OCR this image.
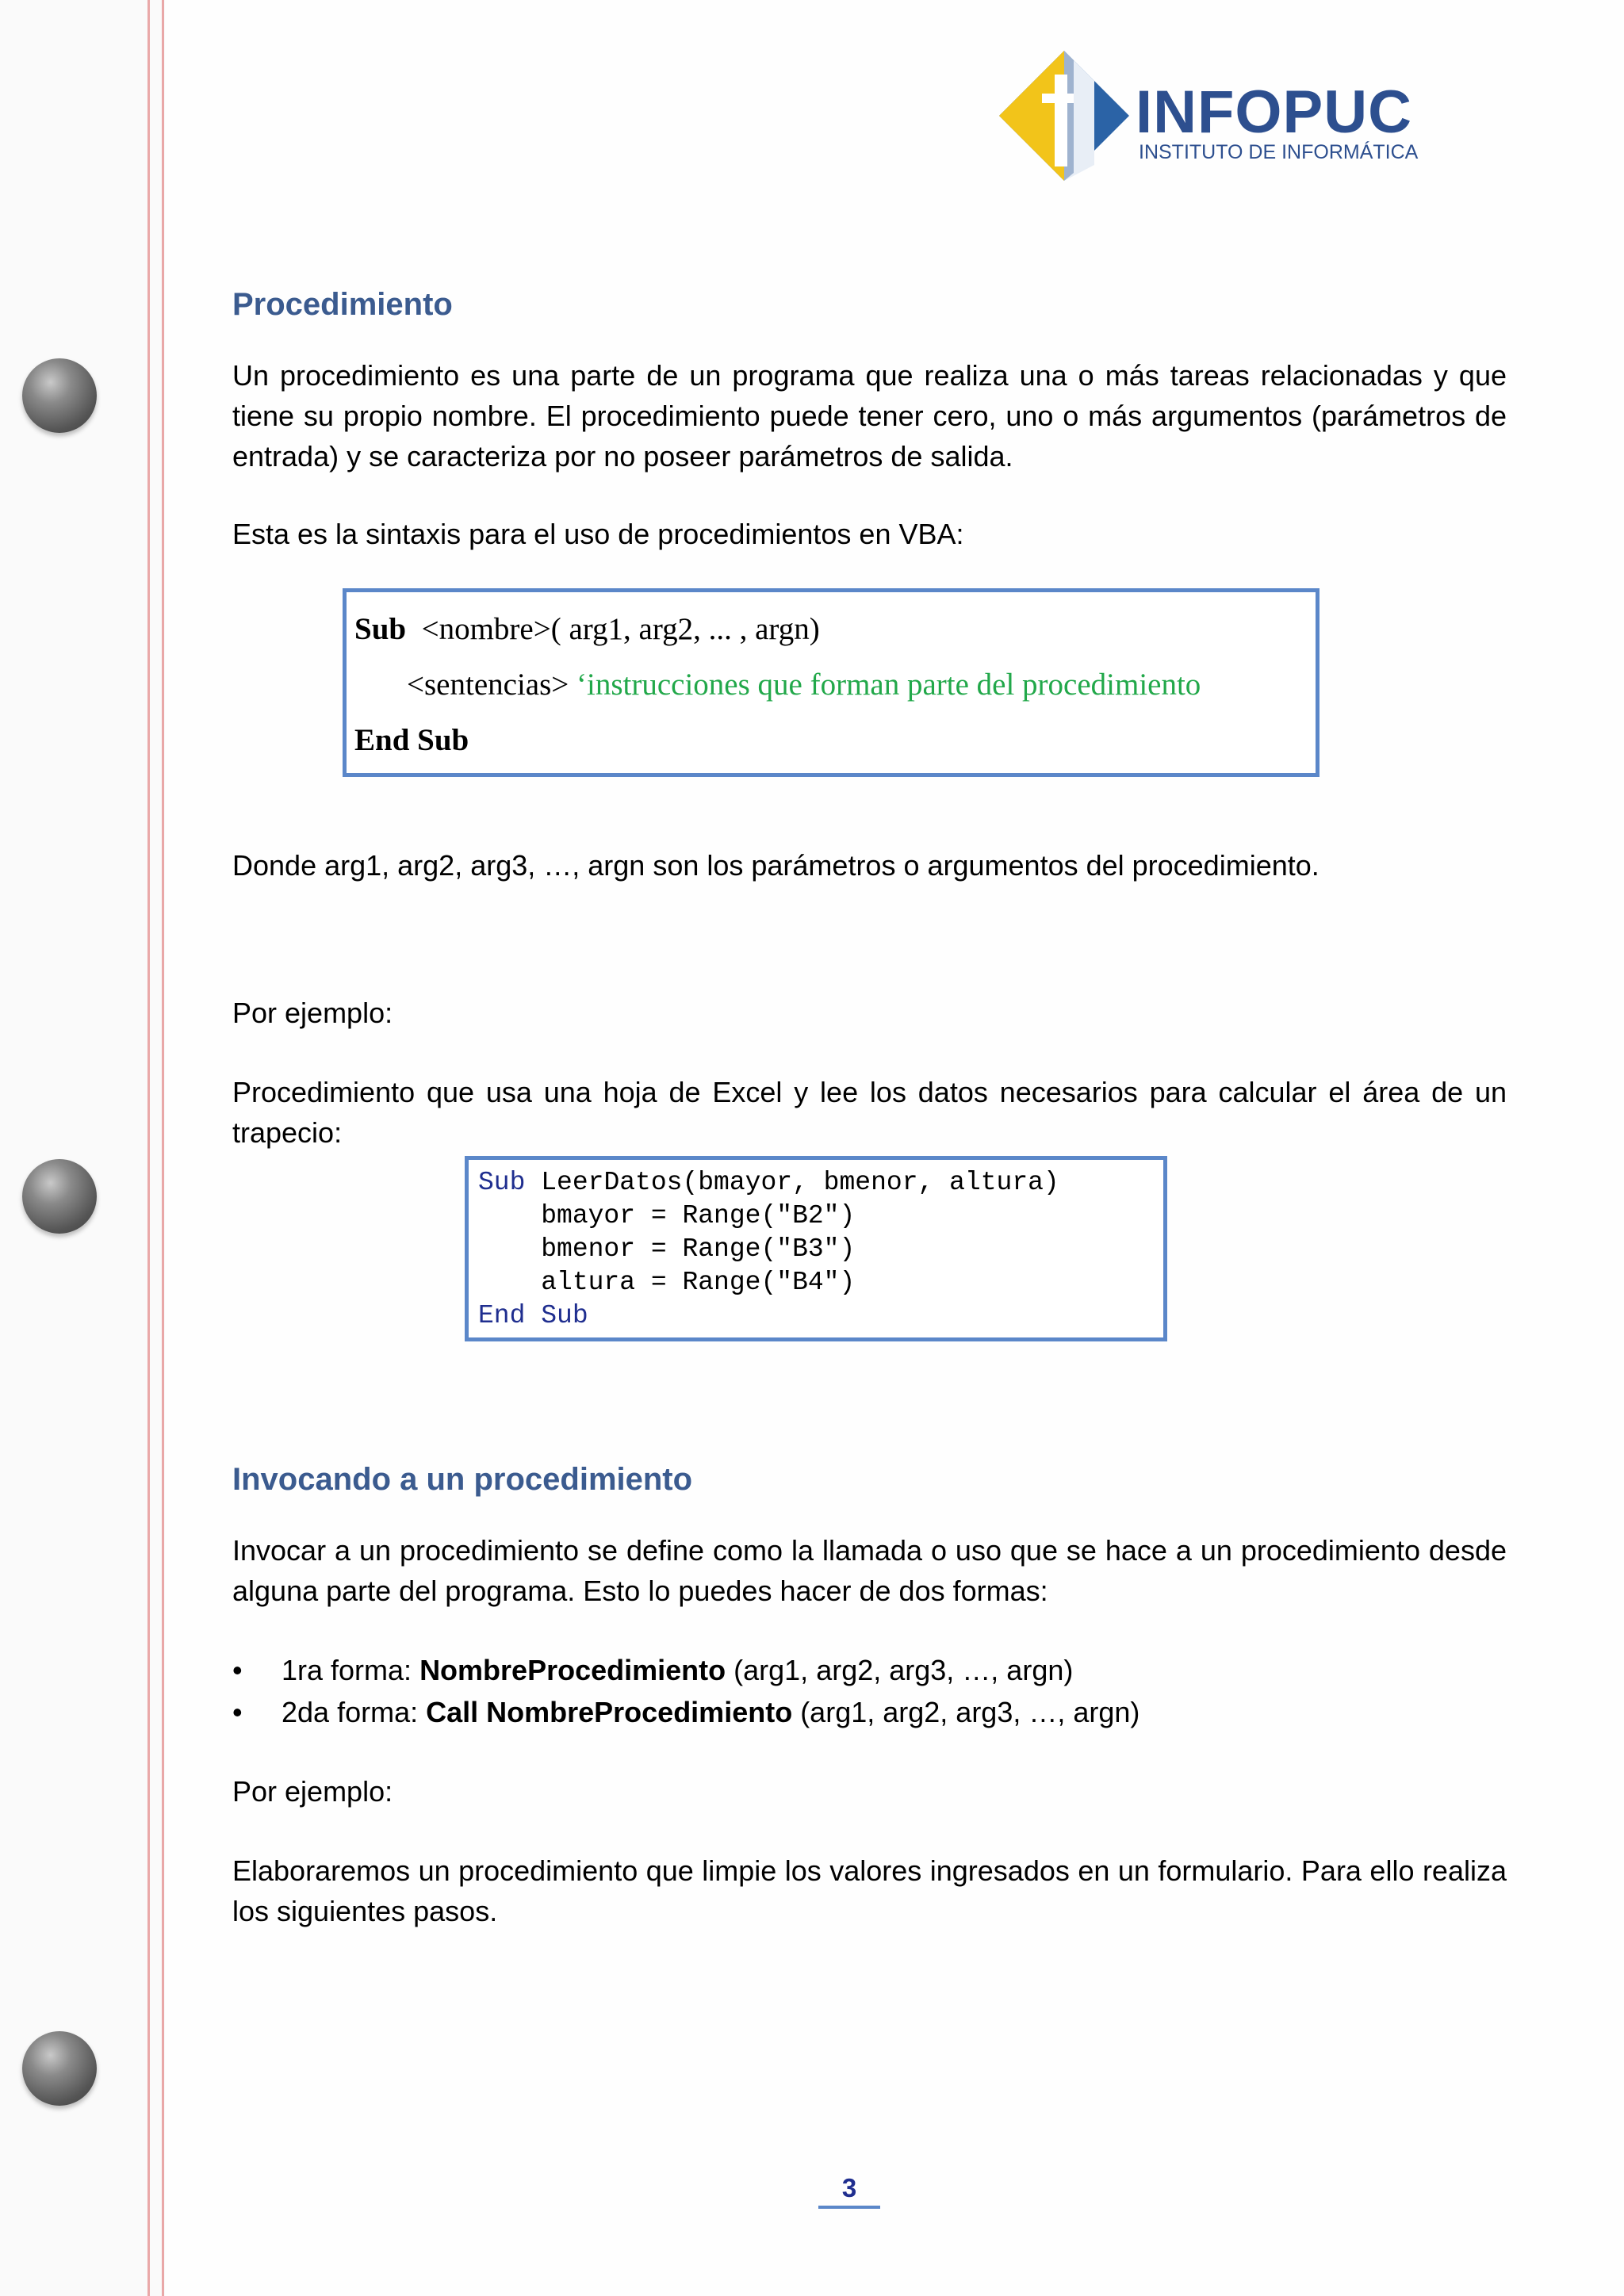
INFOPUC
INSTITUTO DE INFORMÁTICA
Procedimiento

Un procedimiento es una parte de un programa que realiza una o más tareas relacionadas y que tiene su propio nombre. El procedimiento puede tener cero, uno o más argumentos (parámetros de entrada) y se caracteriza por no poseer parámetros de salida.

Esta es la sintaxis para el uso de procedimientos en VBA:

Sub <nombre>( arg1, arg2, ... , argn)
<sentencias> ‘instrucciones que forman parte del procedimiento
End Sub

Donde arg1, arg2, arg3, …, argn son los parámetros o argumentos del procedimiento.

Por ejemplo:

Procedimiento que usa una hoja de Excel y lee los datos necesarios para calcular el área de un trapecio:

Sub LeerDatos(bmayor, bmenor, altura)
bmayor = Range("B2")
bmenor = Range("B3")
altura = Range("B4")
End Sub
Invocando a un procedimiento

Invocar a un procedimiento se define como la llamada o uso que se hace a un procedimiento desde alguna parte del programa. Esto lo puedes hacer de dos formas:

• 1ra forma: NombreProcedimiento (arg1, arg2, arg3, …, argn)
• 2da forma: Call NombreProcedimiento (arg1, arg2, arg3, …, argn)

Por ejemplo:

Elaboraremos un procedimiento que limpie los valores ingresados en un formulario. Para ello realiza los siguientes pasos.

3
